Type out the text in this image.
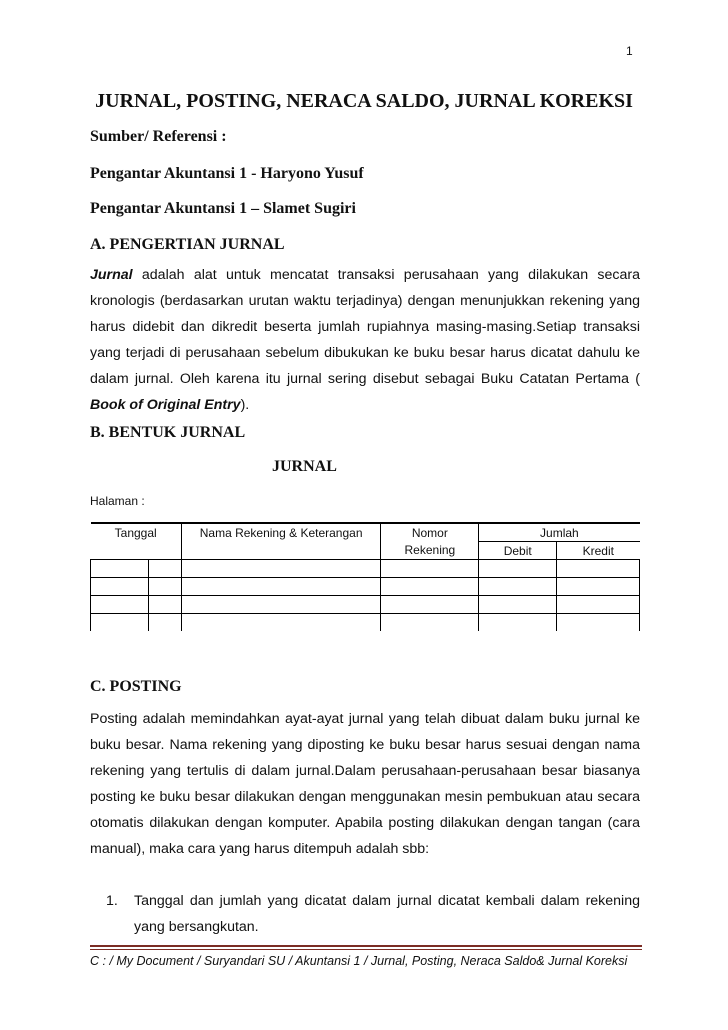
1
JURNAL, POSTING, NERACA SALDO, JURNAL KOREKSI
Sumber/ Referensi :
Pengantar Akuntansi 1 - Haryono Yusuf
Pengantar Akuntansi 1 – Slamet Sugiri
A. PENGERTIAN JURNAL
Jurnal adalah alat untuk mencatat transaksi perusahaan yang dilakukan secara kronologis (berdasarkan urutan waktu terjadinya) dengan menunjukkan rekening yang harus didebit dan dikredit beserta jumlah rupiahnya masing-masing.Setiap transaksi yang terjadi di perusahaan sebelum dibukukan ke buku besar harus dicatat dahulu ke dalam jurnal. Oleh karena itu jurnal sering disebut sebagai Buku Catatan Pertama ( Book of Original Entry).
B. BENTUK JURNAL
JURNAL
Halaman :
Tanggal		Nama Rekening & Keterangan	Nomor	Jumlah	
			Rekening	Debit	Kredit

C. POSTING
Posting adalah memindahkan ayat-ayat jurnal yang telah dibuat dalam buku jurnal ke buku besar. Nama rekening yang diposting ke buku besar harus sesuai dengan nama rekening yang tertulis di dalam jurnal.Dalam perusahaan-perusahaan besar biasanya posting ke buku besar dilakukan dengan menggunakan mesin pembukuan atau secara otomatis dilakukan dengan komputer. Apabila posting dilakukan dengan tangan (cara manual), maka cara yang harus ditempuh adalah sbb:
1. Tanggal dan jumlah yang dicatat dalam jurnal dicatat kembali dalam rekening yang bersangkutan.
C : / My Document / Suryandari SU / Akuntansi 1 / Jurnal, Posting, Neraca Saldo& Jurnal Koreksi
